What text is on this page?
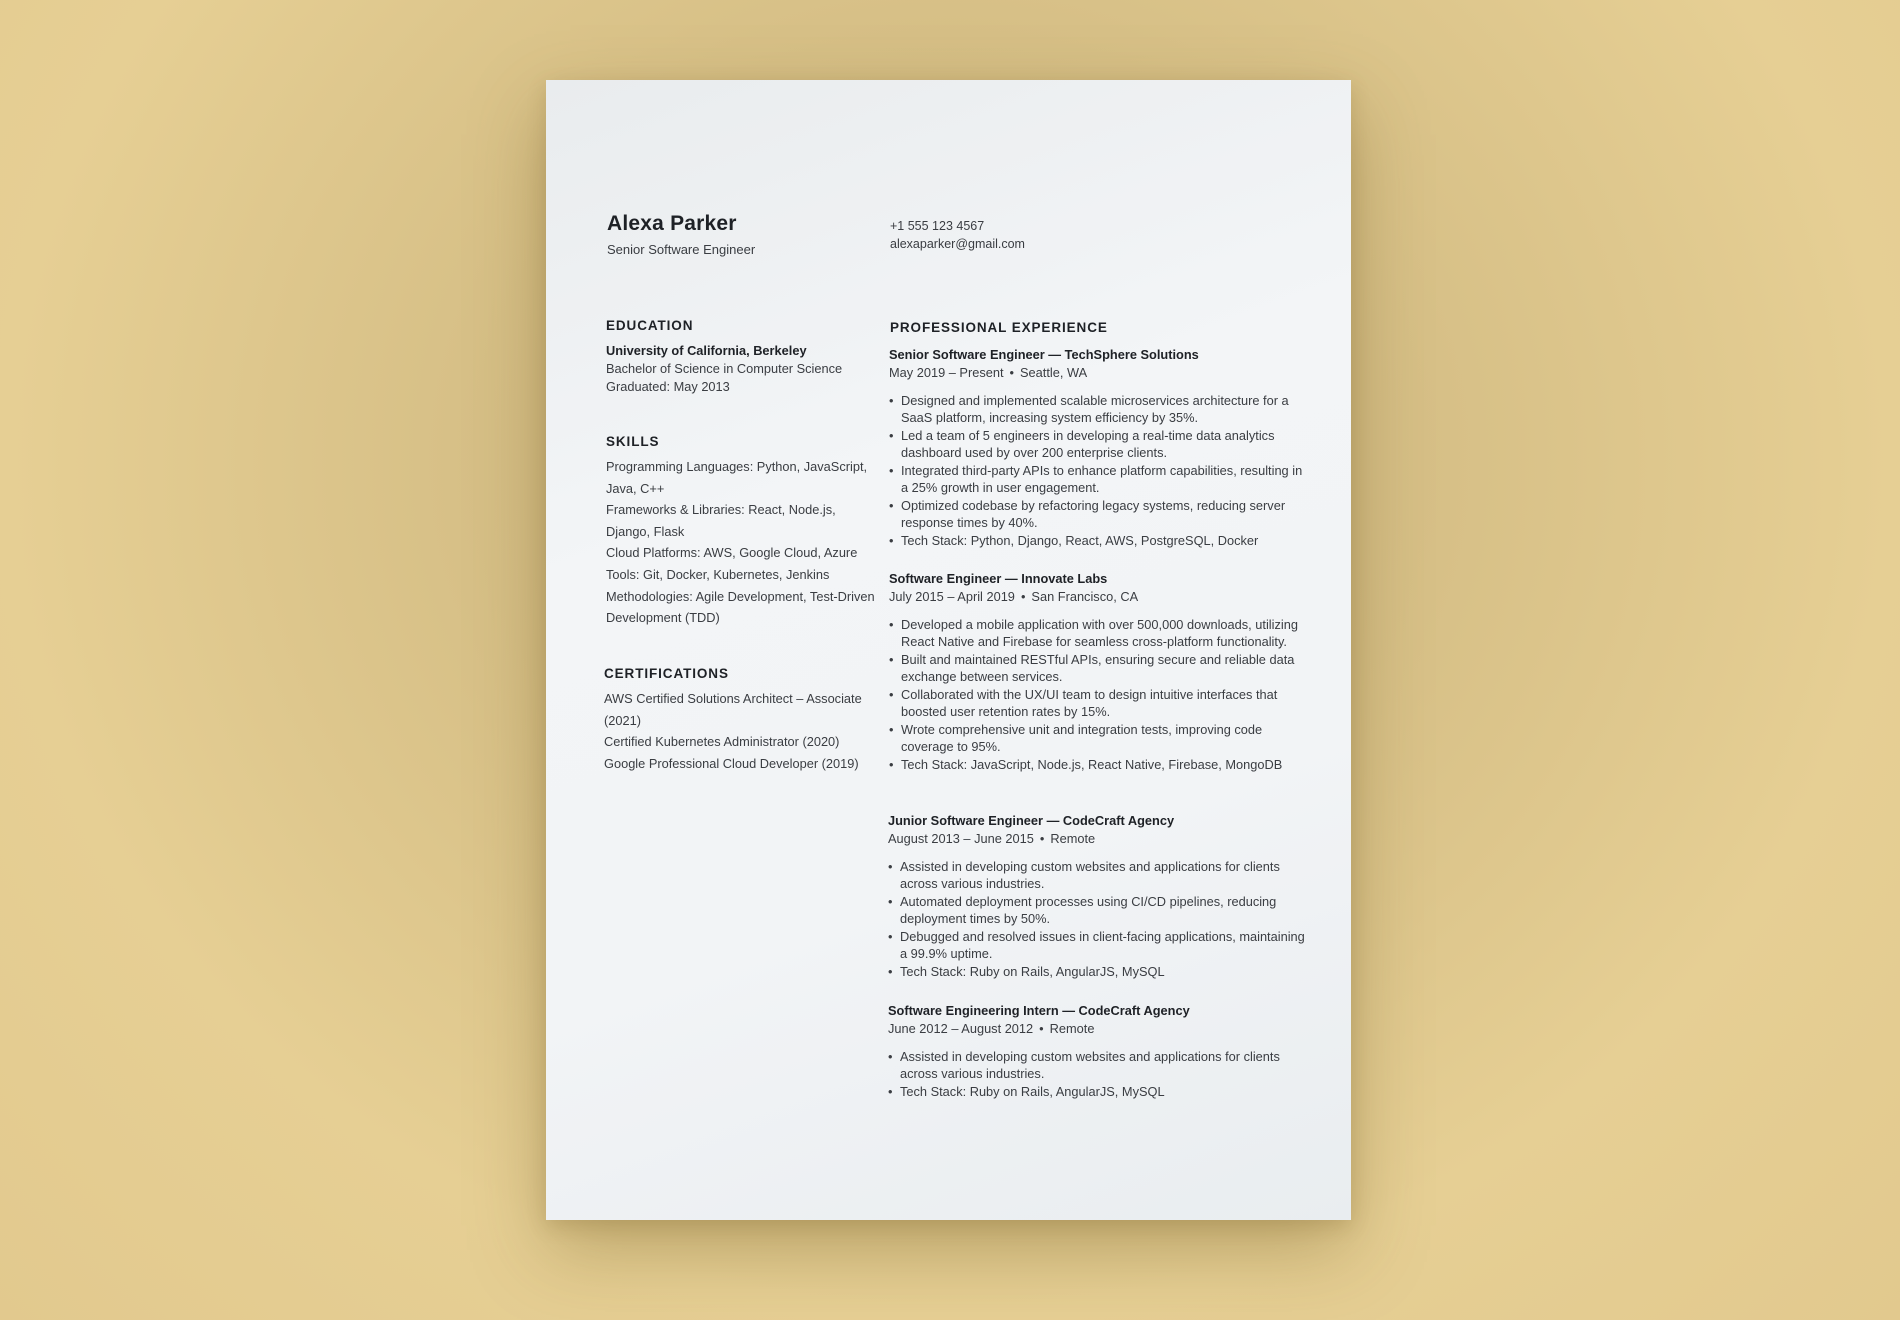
Alexa Parker
Senior Software Engineer
+1 555 123 4567
alexaparker@gmail.com
EDUCATION
University of California, Berkeley
Bachelor of Science in Computer Science
Graduated: May 2013
SKILLS
Programming Languages: Python, JavaScript, Java, C++
Frameworks & Libraries: React, Node.js, Django, Flask
Cloud Platforms: AWS, Google Cloud, Azure
Tools: Git, Docker, Kubernetes, Jenkins
Methodologies: Agile Development, Test-Driven Development (TDD)
CERTIFICATIONS
AWS Certified Solutions Architect – Associate (2021)
Certified Kubernetes Administrator (2020)
Google Professional Cloud Developer (2019)
PROFESSIONAL EXPERIENCE
Senior Software Engineer — TechSphere Solutions
May 2019 – Present • Seattle, WA
• Designed and implemented scalable microservices architecture for a SaaS platform, increasing system efficiency by 35%.
• Led a team of 5 engineers in developing a real-time data analytics dashboard used by over 200 enterprise clients.
• Integrated third-party APIs to enhance platform capabilities, resulting in a 25% growth in user engagement.
• Optimized codebase by refactoring legacy systems, reducing server response times by 40%.
• Tech Stack: Python, Django, React, AWS, PostgreSQL, Docker
Software Engineer — Innovate Labs
July 2015 – April 2019 • San Francisco, CA
• Developed a mobile application with over 500,000 downloads, utilizing React Native and Firebase for seamless cross-platform functionality.
• Built and maintained RESTful APIs, ensuring secure and reliable data exchange between services.
• Collaborated with the UX/UI team to design intuitive interfaces that boosted user retention rates by 15%.
• Wrote comprehensive unit and integration tests, improving code coverage to 95%.
• Tech Stack: JavaScript, Node.js, React Native, Firebase, MongoDB
Junior Software Engineer — CodeCraft Agency
August 2013 – June 2015 • Remote
• Assisted in developing custom websites and applications for clients across various industries.
• Automated deployment processes using CI/CD pipelines, reducing deployment times by 50%.
• Debugged and resolved issues in client-facing applications, maintaining a 99.9% uptime.
• Tech Stack: Ruby on Rails, AngularJS, MySQL
Software Engineering Intern — CodeCraft Agency
June 2012 – August 2012 • Remote
• Assisted in developing custom websites and applications for clients across various industries.
• Tech Stack: Ruby on Rails, AngularJS, MySQL
